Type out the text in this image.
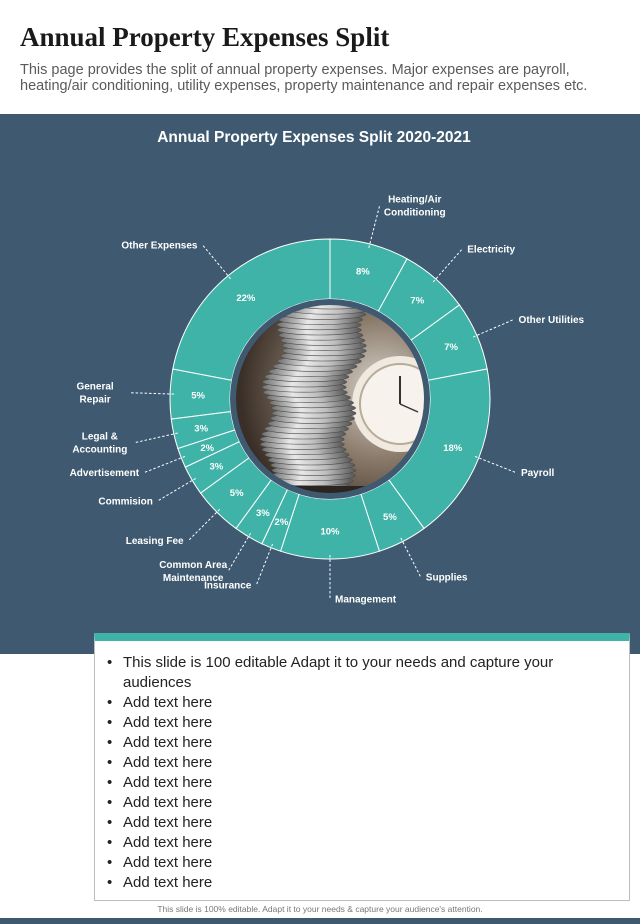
Annual Property Expenses Split

This page provides the split of annual property expenses. Major expenses are payroll, heating/air conditioning, utility expenses, property maintenance and repair expenses etc.

Annual Property Expenses Split 2020-2021
8%
Heating/Air Conditioning
7%
Electricity
7%
Other Utilities
18%
Payroll
5%
Supplies
10%
Management
2%
Insurance
3%
Common Area Maintenance
5%
Leasing Fee
3%
Commision
2%
Advertisement
3%
Legal & Accounting
5%
General Repair
22%
Other Expenses
• This slide is 100 editable Adapt it to your needs and capture your audiences
• Add text here
• Add text here
• Add text here
• Add text here
• Add text here
• Add text here
• Add text here
• Add text here
• Add text here
• Add text here
This slide is 100% editable. Adapt it to your needs & capture your audience's attention.
